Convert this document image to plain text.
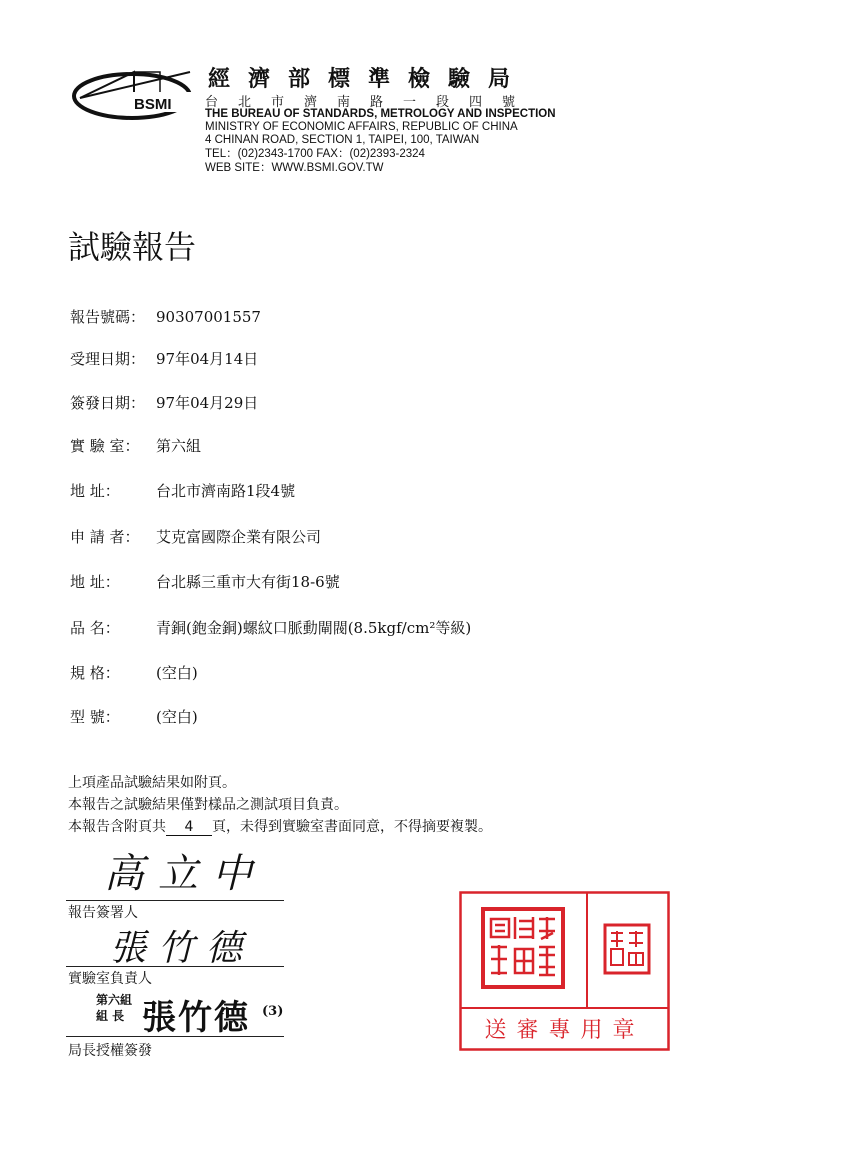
BSMI
經濟部標準檢驗局
台北市濟南路一段四號
THE BUREAU OF STANDARDS, METROLOGY AND INSPECTION
MINISTRY OF ECONOMIC AFFAIRS, REPUBLIC OF CHINA
4 CHINAN ROAD, SECTION 1, TAIPEI, 100, TAIWAN
TEL：(02)2343-1700 FAX：(02)2393-2324
WEB SITE：WWW.BSMI.GOV.TW
試驗報告
報告號碼： 90307001557
受理日期： 97年04月14日
簽發日期： 97年04月29日
實 驗 室： 第六組
地 址： 台北市濟南路1段4號
申 請 者： 艾克富國際企業有限公司
地 址： 台北縣三重市大有街18-6號
品 名： 青銅(鉋金銅)螺紋口脈動閘閥(8.5kgf/cm²等級)
規 格：(空白)
型 號：(空白)
上項產品試驗結果如附頁。
本報告之試驗結果僅對樣品之測試項目負責。
本報告含附頁共 4 頁，未得到實驗室書面同意，不得摘要複製。
高立中
報告簽署人
張竹德
實驗室負責人
第六組
組 長 張竹德 (3)
局長授權簽發
送審專用章
